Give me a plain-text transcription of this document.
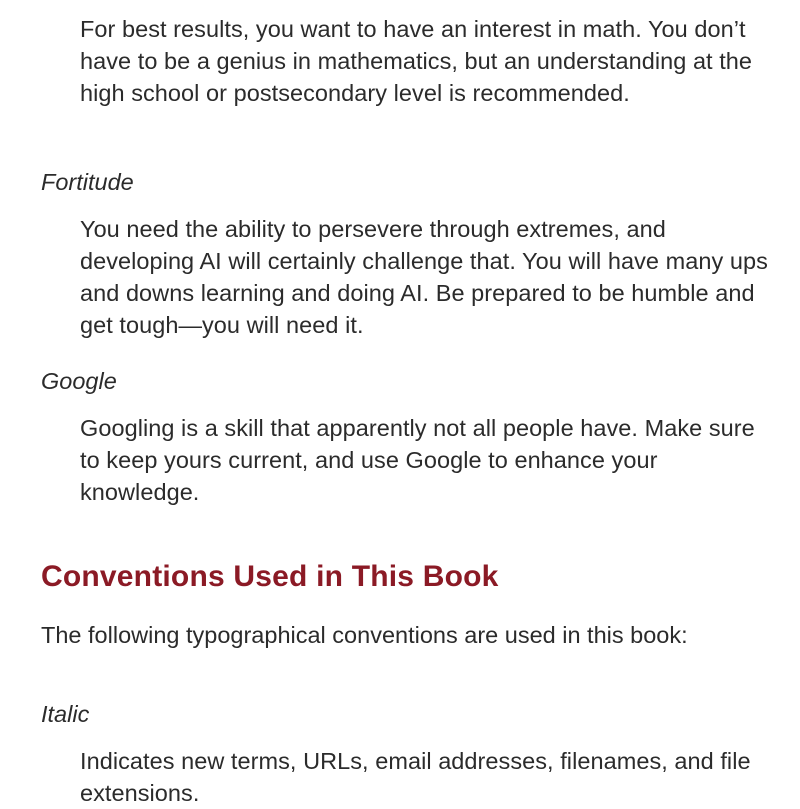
For best results, you want to have an interest in math. You don’t have to be a genius in mathematics, but an understanding at the high school or postsecondary level is recommended.

Fortitude

You need the ability to persevere through extremes, and developing AI will certainly challenge that. You will have many ups and downs learning and doing AI. Be prepared to be humble and get tough—you will need it.

Google

Googling is a skill that apparently not all people have. Make sure to keep yours current, and use Google to enhance your knowledge.

Conventions Used in This Book

The following typographical conventions are used in this book:

Italic

Indicates new terms, URLs, email addresses, filenames, and file extensions.
